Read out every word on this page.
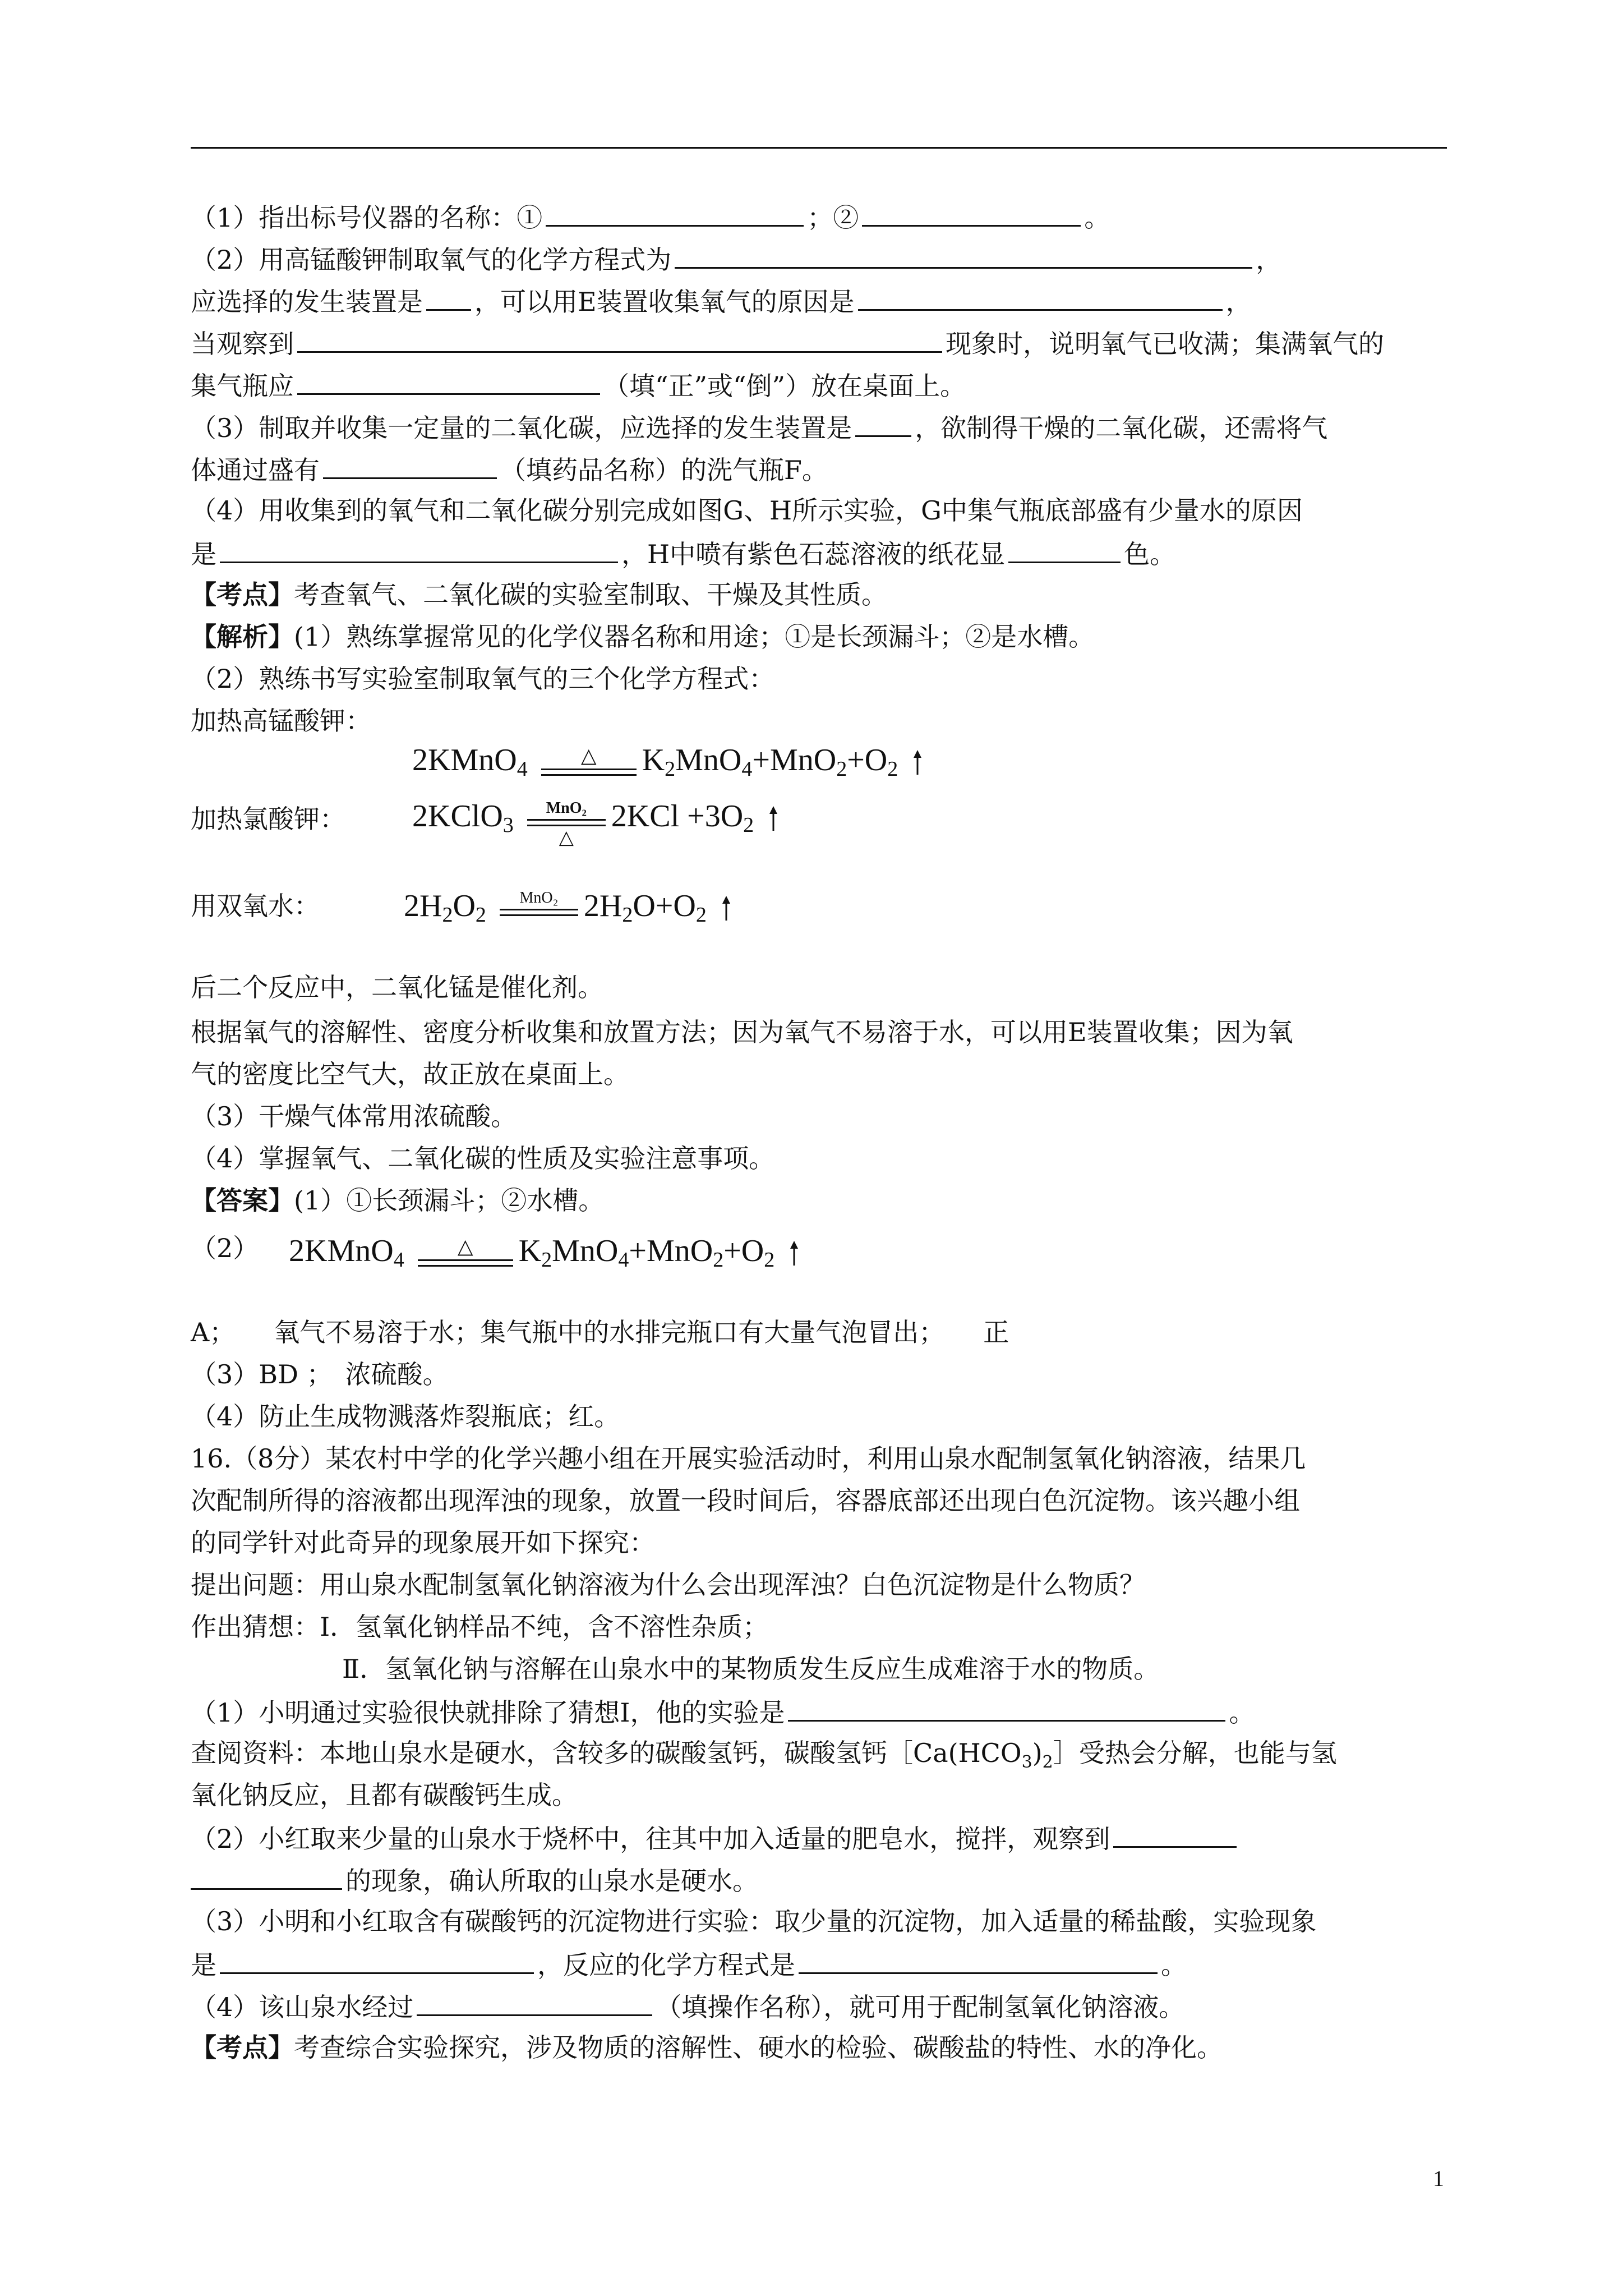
（1）指出标号仪器的名称：①	；②	。
（2）用高锰酸钾制取氧气的化学方程式为	，
应选择的发生装置是 ，可以用E装置收集氧气的原因是	，
当观察到	现象时，说明氧气已收满；集满氧气的
集气瓶应	（填“正”或“倒”）放在桌面上。
（3）制取并收集一定量的二氧化碳，应选择的发生装置是 ，欲制得干燥的二氧化碳，还需将气
体通过盛有	（填药品名称）的洗气瓶F。
（4）用收集到的氧气和二氧化碳分别完成如图G、H所示实验，G中集气瓶底部盛有少量水的原因
是	，H中喷有紫色石蕊溶液的纸花显	色。
【考点】考查氧气、二氧化碳的实验室制取、干燥及其性质。
【解析】(1）熟练掌握常见的化学仪器名称和用途；①是长颈漏斗；②是水槽。
（2）熟练书写实验室制取氧气的三个化学方程式：
加热高锰酸钾：
2KMnO$_4$
△	$K_2MnO_4+MnO_2+O_2$
加热氯酸钾： 2KClO$_3$
MnO₂
△
$2KCl +3O_2$
用双氧水：	$2H_2O_2$
MnO₂ $2H_2O+O_2$
后二个反应中，二氧化锰是催化剂。
根据氧气的溶解性、密度分析收集和放置方法；因为氧气不易溶于水，可以用E装置收集；因为氧
气的密度比空气大，故正放在桌面上。
（3）干燥气体常用浓硫酸。
（4）掌握氧气、二氧化碳的性质及实验注意事项。
【答案】(1）①长颈漏斗；②水槽。
（2） 2KMnO$_4$
△	$K_2MnO_4+MnO_2+O_2$
A；　　氧气不易溶于水；集气瓶中的水排完瓶口有大量气泡冒出；　　正
（3）BD ；　浓硫酸。
（4）防止生成物溅落炸裂瓶底；红。
16.（8分）某农村中学的化学兴趣小组在开展实验活动时，利用山泉水配制氢氧化钠溶液，结果几
次配制所得的溶液都出现浑浊的现象，放置一段时间后，容器底部还出现白色沉淀物。该兴趣小组
的同学针对此奇异的现象展开如下探究：
提出问题：用山泉水配制氢氧化钠溶液为什么会出现浑浊？白色沉淀物是什么物质？
作出猜想：Ⅰ．氢氧化钠样品不纯，含不溶性杂质；
Ⅱ．氢氧化钠与溶解在山泉水中的某物质发生反应生成难溶于水的物质。
（1）小明通过实验很快就排除了猜想Ⅰ，他的实验是	。
查阅资料：本地山泉水是硬水，含较多的碳酸氢钙，碳酸氢钙$[Ca(HCO_3)_2]$受热会分解，也能与氢
氧化钠反应，且都有碳酸钙生成。
（2）小红取来少量的山泉水于烧杯中，往其中加入适量的肥皂水，搅拌，观察到
的现象，确认所取的山泉水是硬水。
（3）小明和小红取含有碳酸钙的沉淀物进行实验：取少量的沉淀物，加入适量的稀盐酸，实验现象
是	，反应的化学方程式是	。
（4）该山泉水经过	（填操作名称），就可用于配制氢氧化钠溶液。
【考点】考查综合实验探究，涉及物质的溶解性、硬水的检验、碳酸盐的特性、水的净化。
1
